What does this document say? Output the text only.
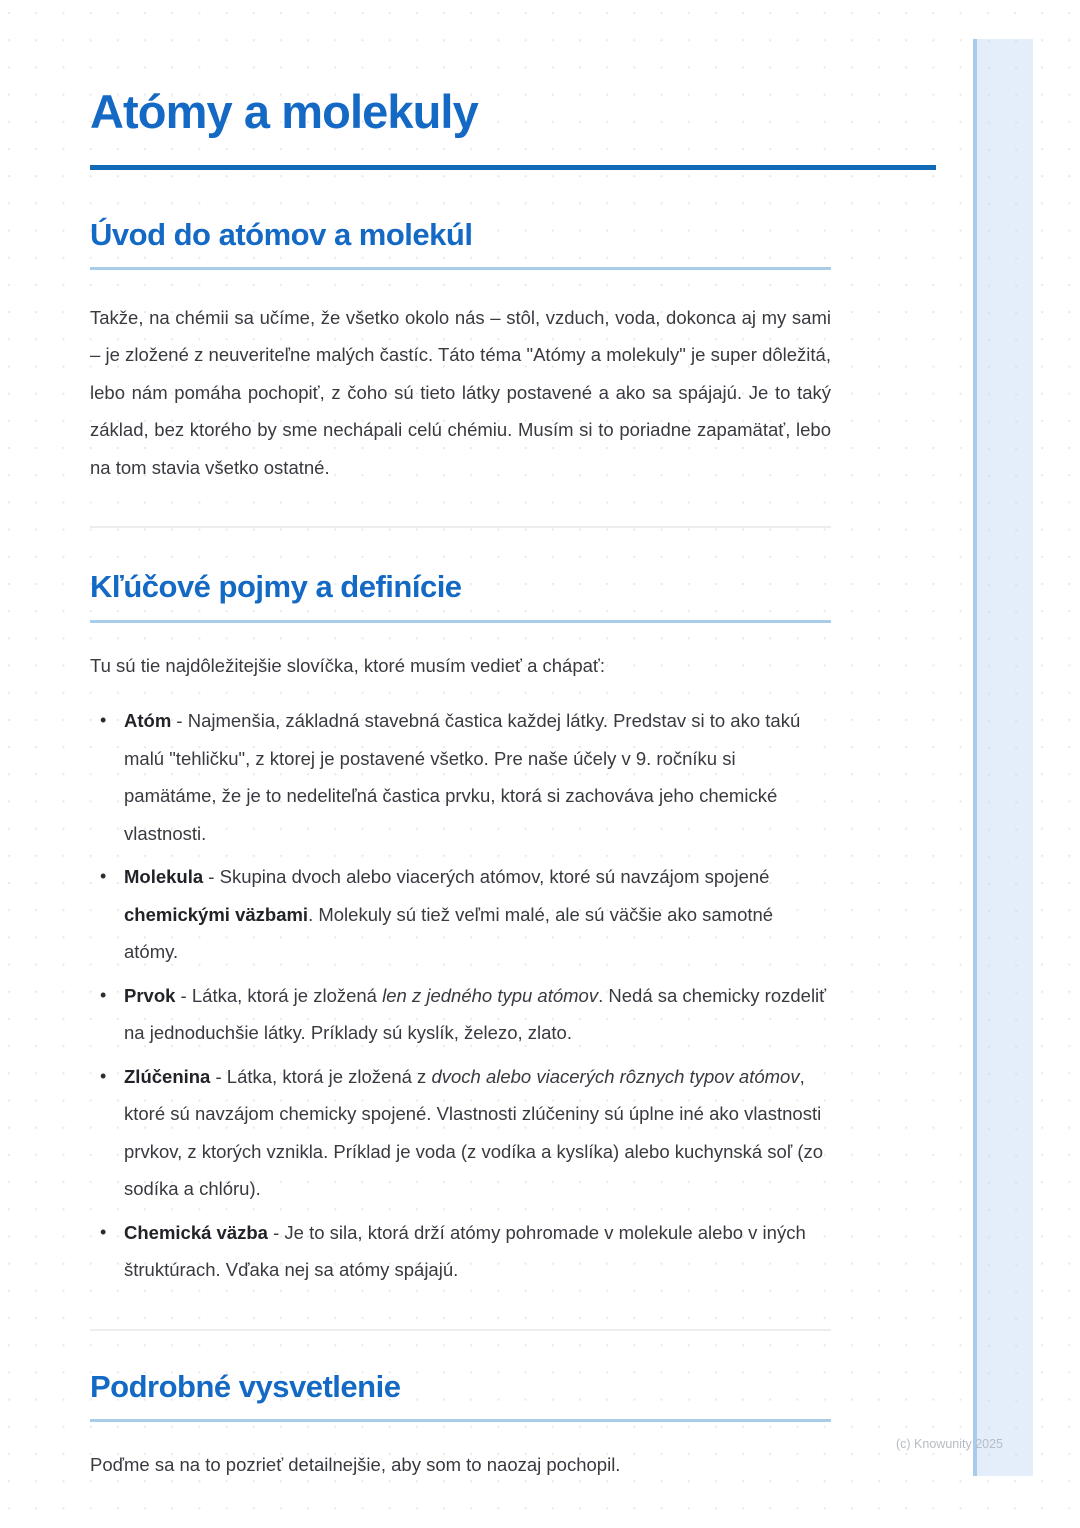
Atómy a molekuly
Úvod do atómov a molekúl

Takže, na chémii sa učíme, že všetko okolo nás – stôl, vzduch, voda, dokonca aj my sami – je zložené z neuveriteľne malých častíc. Táto téma "Atómy a molekuly" je super dôležitá, lebo nám pomáha pochopiť, z čoho sú tieto látky postavené a ako sa spájajú. Je to taký základ, bez ktorého by sme nechápali celú chémiu. Musím si to poriadne zapamätať, lebo na tom stavia všetko ostatné.

Kľúčové pojmy a definície

Tu sú tie najdôležitejšie slovíčka, ktoré musím vedieť a chápať:

• Atóm - Najmenšia, základná stavebná častica každej látky. Predstav si to ako takú malú "tehličku", z ktorej je postavené všetko. Pre naše účely v 9. ročníku si pamätáme, že je to nedeliteľná častica prvku, ktorá si zachováva jeho chemické vlastnosti.
• Molekula - Skupina dvoch alebo viacerých atómov, ktoré sú navzájom spojené chemickými väzbami. Molekuly sú tiež veľmi malé, ale sú väčšie ako samotné atómy.
• Prvok - Látka, ktorá je zložená len z jedného typu atómov. Nedá sa chemicky rozdeliť na jednoduchšie látky. Príklady sú kyslík, železo, zlato.
• Zlúčenina - Látka, ktorá je zložená z dvoch alebo viacerých rôznych typov atómov, ktoré sú navzájom chemicky spojené. Vlastnosti zlúčeniny sú úplne iné ako vlastnosti prvkov, z ktorých vznikla. Príklad je voda (z vodíka a kyslíka) alebo kuchynská soľ (zo sodíka a chlóru).
• Chemická väzba - Je to sila, ktorá drží atómy pohromade v molekule alebo v iných štruktúrach. Vďaka nej sa atómy spájajú.
Podrobné vysvetlenie

Poďme sa na to pozrieť detailnejšie, aby som to naozaj pochopil.

(c) Knowunity 2025
